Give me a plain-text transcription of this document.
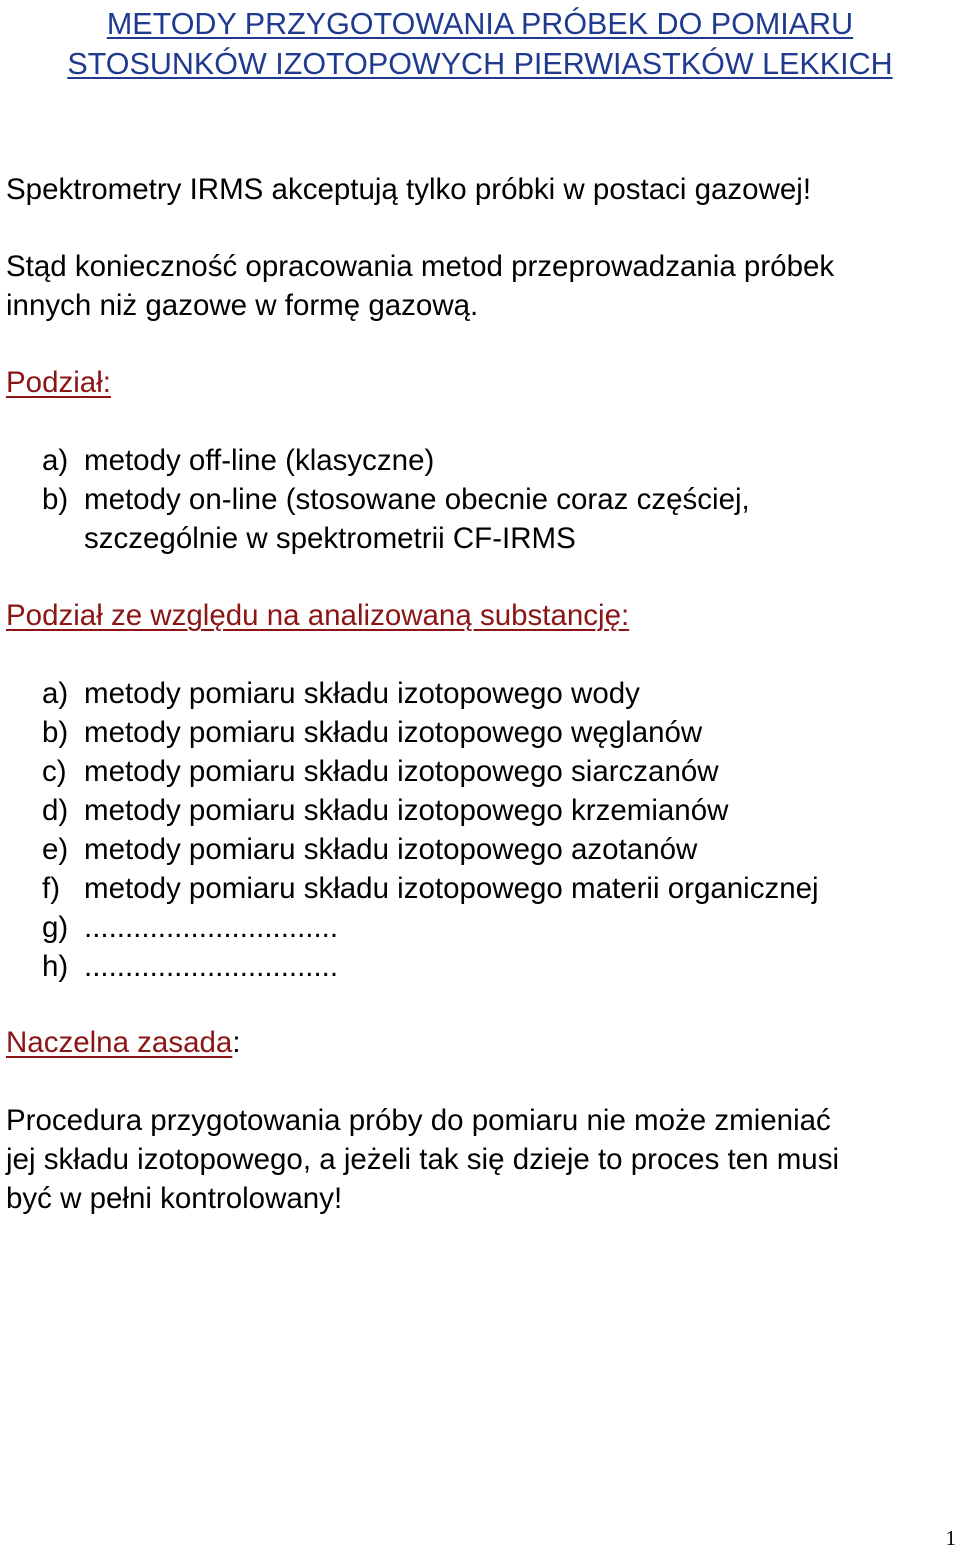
METODY PRZYGOTOWANIA PRÓBEK DO POMIARU
STOSUNKÓW IZOTOPOWYCH PIERWIASTKÓW LEKKICH

Spektrometry IRMS akceptują tylko próbki w postaci gazowej!

Stąd konieczność opracowania metod przeprowadzania próbek

innych niż gazowe w formę gazową.

Podział:

a) metody off-line (klasyczne)
b) metody on-line (stosowane obecnie coraz częściej,
szczególnie w spektrometrii CF-IRMS

Podział ze względu na analizowaną substancję:

a) metody pomiaru składu izotopowego wody
b) metody pomiaru składu izotopowego węglanów
c) metody pomiaru składu izotopowego siarczanów
d) metody pomiaru składu izotopowego krzemianów
e) metody pomiaru składu izotopowego azotanów
f) metody pomiaru składu izotopowego materii organicznej
g) ...............................
h) ...............................

Naczelna zasada:

Procedura przygotowania próby do pomiaru nie może zmieniać

jej składu izotopowego, a jeżeli tak się dzieje to proces ten musi

być w pełni kontrolowany!

1
